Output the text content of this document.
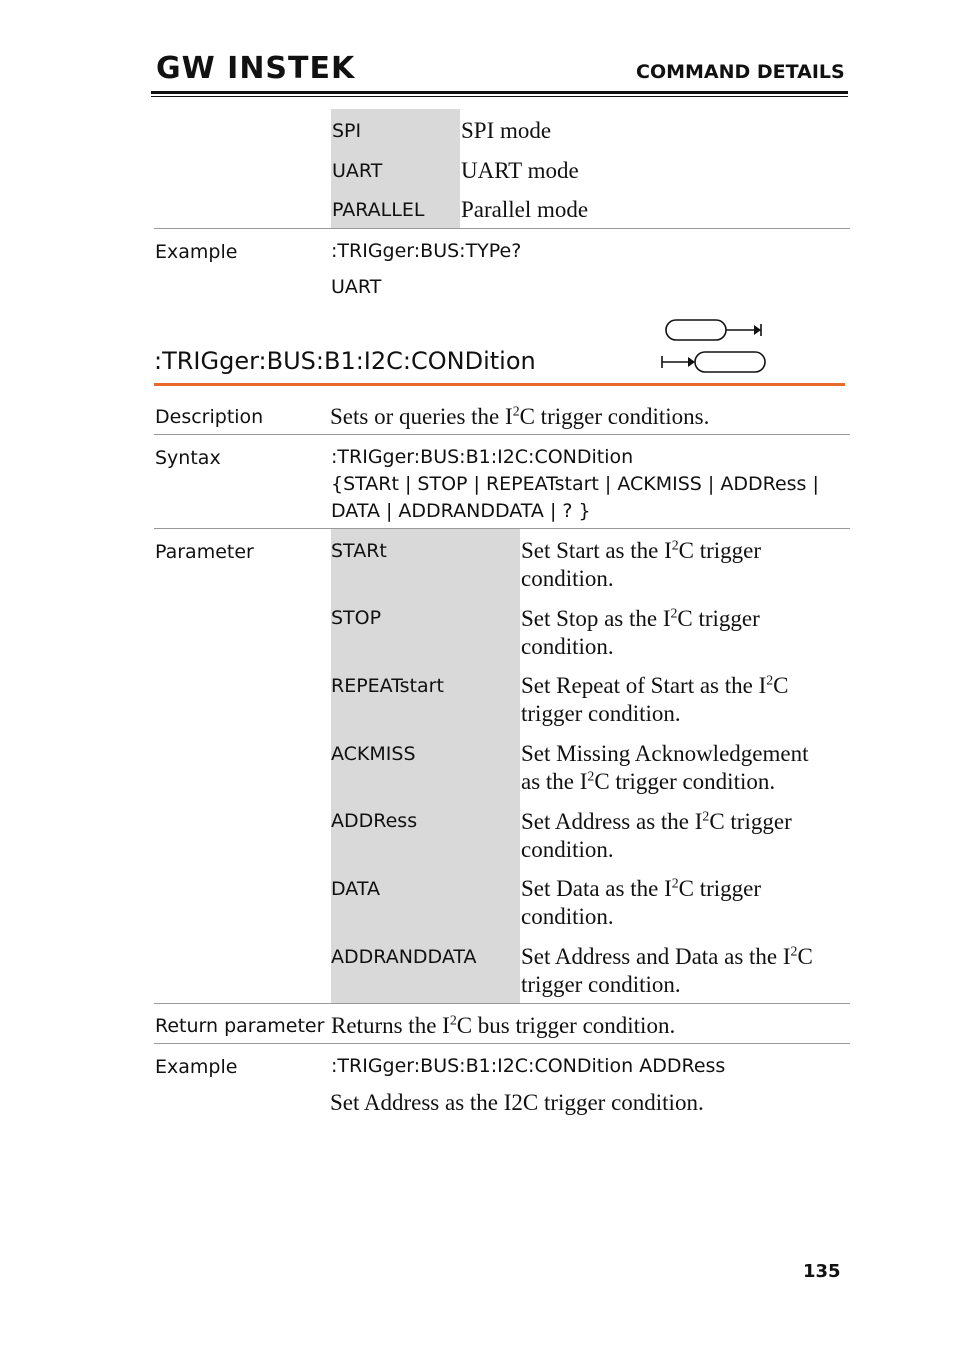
GW INSTEK	COMMAND DETAILS
SPI	SPI mode
UART	UART mode
PARALLEL Parallel mode
Example	:TRIGger:BUS:TYPe?
UART
:TRIGger:BUS:B1:I2C:CONDition
Description	Sets or queries the $I^2C$ trigger conditions.
Syntax	:TRIGger:BUS:B1:I2C:CONDition
{STARt | STOP | REPEATstart | ACKMISS | ADDRess |
DATA | ADDRANDDATA | ? }
Parameter	STARt	Set Start as the $I^2C$ trigger
condition.
STOP	Set Stop as the $I^2C$ trigger
condition.
REPEATstart	Set Repeat of Start as the $I^2C$
trigger condition.
ACKMISS	Set Missing Acknowledgement
as the $I^2C$ trigger condition.
ADDRess	Set Address as the $I^2C$ trigger
condition.
DATA	Set Data as the $I^2C$ trigger
condition.
ADDRANDDATA Set Address and Data as the $I^2C$
trigger condition.
Return parameter Returns the $I^2C$ bus trigger condition.
Example	:TRIGger:BUS:B1:I2C:CONDition ADDRess
Set Address as the I2C trigger condition.
135
